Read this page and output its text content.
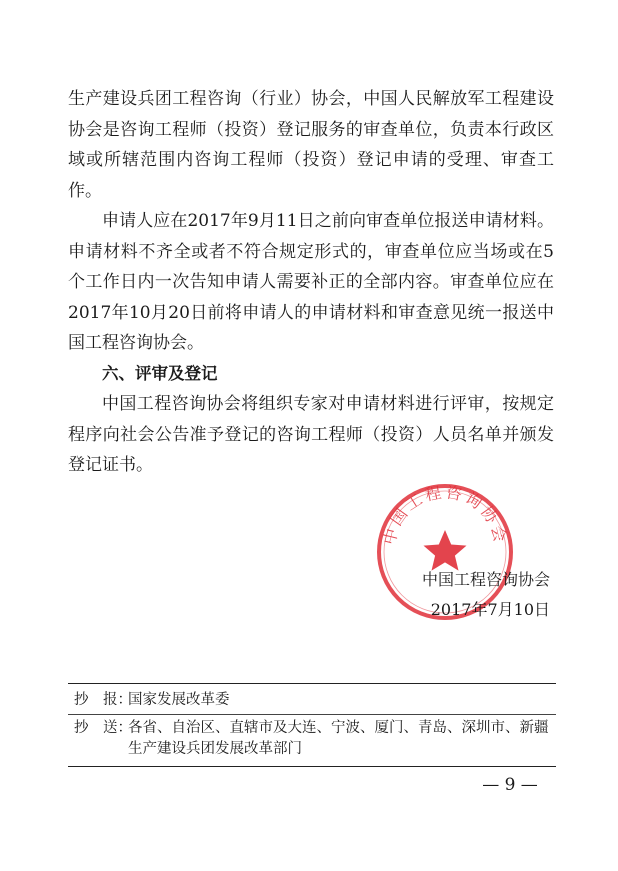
生产建设兵团工程咨询（行业）协会，中国人民解放军工程建设协会是咨询工程师（投资）登记服务的审查单位，负责本行政区域或所辖范围内咨询工程师（投资）登记申请的受理、审查工作。

申请人应在2017年9月11日之前向审查单位报送申请材料。申请材料不齐全或者不符合规定形式的，审查单位应当场或在5个工作日内一次告知申请人需要补正的全部内容。审查单位应在2017年10月20日前将申请人的申请材料和审查意见统一报送中国工程咨询协会。

六、评审及登记

中国工程咨询协会将组织专家对申请材料进行评审，按规定程序向社会公告准予登记的咨询工程师（投资）人员名单并颁发登记证书。

中国工程咨询协会
中国工程咨询协会
2017年7月10日
抄　报：
国家发展改革委
抄　送：
各省、自治区、直辖市及大连、宁波、厦门、青岛、深圳市、新疆生产建设兵团发展改革部门
— 9 —
